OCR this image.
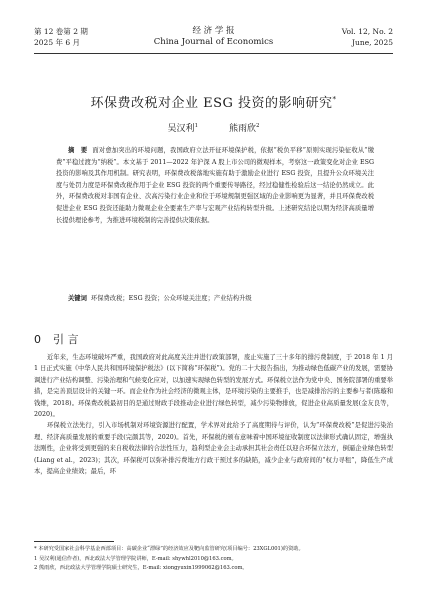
第 12 卷第 2 期
2025 年 6 月
经 济 学 报
China Journal of Economics
Vol. 12, No. 2
June, 2025
环保费改税对企业 ESG 投资的影响研究*
吴汉利$^1$	熊雨欣$^2$
摘　要 面对愈加突出的环境问题，我国政府立法开征环境保护税，依据“税负平移”原则实现污染征收从“缴费”平稳过渡为“纳税”。本文基于 2011—2022 年沪深 A 股上市公司的微观样本，考察这一政策变化对企业 ESG 投资的影响及其作用机制。研究表明，环保费改税落地实施有助于激励企业进行 ESG 投资，且提升公众环境关注度与处罚力度是环保费改税作用于企业 ESG 投资的两个重要传导路径，经过稳健性检验后这一结论仍然成立。此外，环保费改税对非国有企业、次高污染行业企业和位于环境规制更强区域的企业影响更为显著，并且环保费改税促进企业 ESG 投资还能助力微观企业全要素生产率与宏观产业结构转型升级。上述研究结论以期为经济高质量增长提供理论参考，为推进环境税制的完善提供决策依据。
关键词 环保费改税；ESG 投资；公众环境关注度；产业结构升级
0 引 言

近年来，生态环境破坏严重，我国政府对此高度关注并进行政策部署，废止实施了三十多年的排污费制度，于 2018 年 1 月 1 日正式实施《中华人民共和国环境保护税法》(以下简称“环保税”)。党的二十大报告指出，为推动绿色低碳产业的发展，需要协调进行产业结构调整、污染治理和气候变化应对，以加速实现绿色转型的发展方式。环保税立法作为党中央、国务院部署的重要举措，是完善顶层设计的关键一环。而企业作为社会经济的微观主体，是环境污染的主要推手，也是减排治污的主要参与者(陈璇和钱维，2018)。环保费改税最初目的是通过财政手段推动企业进行绿色转型，减少污染物排放，促进企业高质量发展(金友良等，2020)。

环保税立法先行，引入市场机制对环境资源进行配置，学术界对此给予了高度期待与评价，认为“环保费改税”是促进污染治理、经济高质量发展的重要手段(完颜其等，2020)。首先，环保税的颁布意味着中国环境征收制度以法律形式确认固定，增强执法刚性，企业将受到更强的来自税收法律的合法性压力，趋利型企业会主动承担其社会责任以迎合环保立法方，倒逼企业绿色转型(Liang et al.，2023)；其次，环保税可以弥补排污费地方行政干预过多的缺陷，减少企业与政府间的“权力寻租”，降低生产成本，提高企业绩效；最后，环

* 本研究受国家社会科学基金西部项目：高碳企业“漂绿”的经济效应及靶向监管研究(项目编号：23XGL001)的资助。
1 吴汉利(通信作者)，西北政法大学管理学院讲师，E-mail: shywhl2010@163.com。
2 熊雨欣，西北政法大学管理学院硕士研究生，E-mail: xiongyuxin1999062@163.com。
